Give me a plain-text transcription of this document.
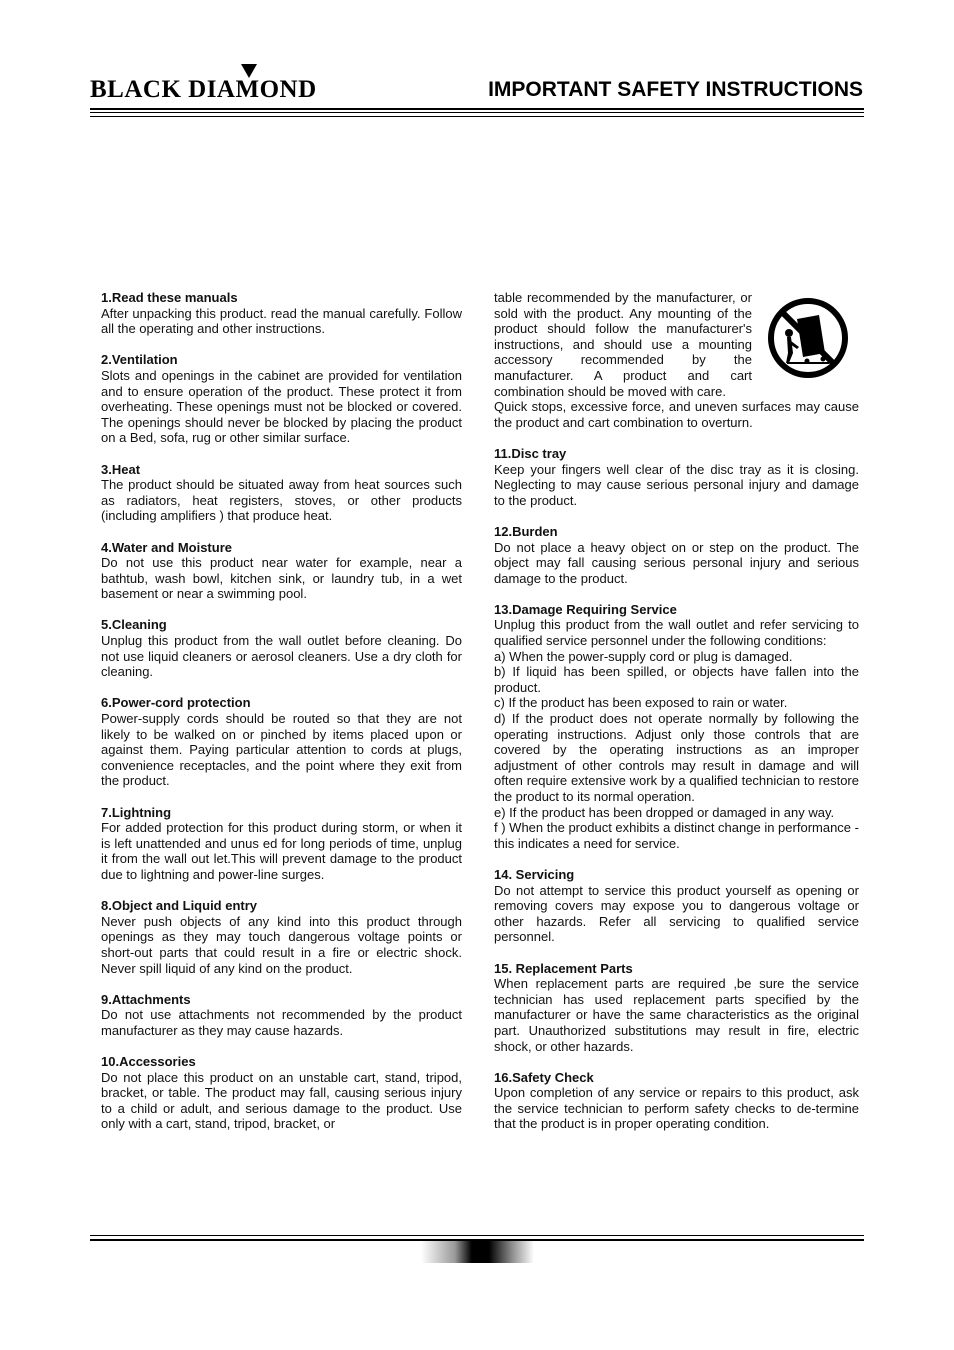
BLACK DIAMOND	IMPORTANT SAFETY INSTRUCTIONS
1.Read these manuals

After unpacking this product. read the manual carefully. Follow all the operating and other instructions.

2.Ventilation

Slots and openings in the cabinet are provided for ventilation and to ensure operation of the product. These protect it from overheating. These openings must not be blocked or covered. The openings should never be blocked by placing the product on a Bed, sofa, rug or other similar surface.

3.Heat

The product should be situated away from heat sources such as radiators, heat registers, stoves, or other products (including amplifiers ) that produce heat.

4.Water and Moisture

Do not use this product near water for example, near a bathtub, wash bowl, kitchen sink, or laundry tub, in a wet basement or near a swimming pool.

5.Cleaning

Unplug this product from the wall outlet before cleaning. Do not use liquid cleaners or aerosol cleaners. Use a dry cloth for cleaning.

6.Power-cord protection

Power-supply cords should be routed so that they are not likely to be walked on or pinched by items placed upon or against them. Paying particular attention to cords at plugs, convenience receptacles, and the point where they exit from the product.

7.Lightning

For added protection for this product during storm, or when it is left unattended and unus ed for long periods of time, unplug it from the wall out let.This will prevent damage to the product due to lightning and power-line surges.

8.Object and Liquid entry

Never push objects of any kind into this product through openings as they may touch dangerous voltage points or short-out parts that could result in a fire or electric shock. Never spill liquid of any kind on the product.

9.Attachments

Do not use attachments not recommended by the product manufacturer as they may cause hazards.

10.Accessories

Do not place this product on an unstable cart, stand, tripod, bracket, or table. The product may fall, causing serious injury to a child or adult, and serious damage to the product. Use only with a cart, stand, tripod, bracket, or

table recommended by the manufacturer, or sold with the product. Any mounting of the product should follow the manufacturer's instructions, and should use a mounting accessory recommended by the manufacturer. A product and cart combination should be moved with care.

Quick stops, excessive force, and uneven surfaces may cause the product and cart combination to overturn.

11.Disc tray

Keep your fingers well clear of the disc tray as it is closing. Neglecting to may cause serious personal injury and damage to the product.

12.Burden

Do not place a heavy object on or step on the product. The object may fall causing serious personal injury and serious damage to the product.

13.Damage Requiring Service

Unplug this product from the wall outlet and refer servicing to qualified service personnel under the following conditions:
a) When the power-supply cord or plug is damaged.
b) If liquid has been spilled, or objects have fallen into the product.
c) If the product has been exposed to rain or water.
d) If the product does not operate normally by following the operating instructions. Adjust only those controls that are covered by the operating instructions as an improper adjustment of other controls may result in damage and will often require extensive work by a qualified technician to restore the product to its normal operation.
e) If the product has been dropped or damaged in any way.
f ) When the product exhibits a distinct change in performance - this indicates a need for service.

14. Servicing

Do not attempt to service this product yourself as opening or removing covers may expose you to dangerous voltage or other hazards. Refer all servicing to qualified service personnel.

15. Replacement Parts

When replacement parts are required ,be sure the service technician has used replacement parts specified by the manufacturer or have the same characteristics as the original part. Unauthorized substitutions may result in fire, electric shock, or other hazards.

16.Safety Check

Upon completion of any service or repairs to this product, ask the service technician to perform safety checks to de-termine that the product is in proper operating condition.
